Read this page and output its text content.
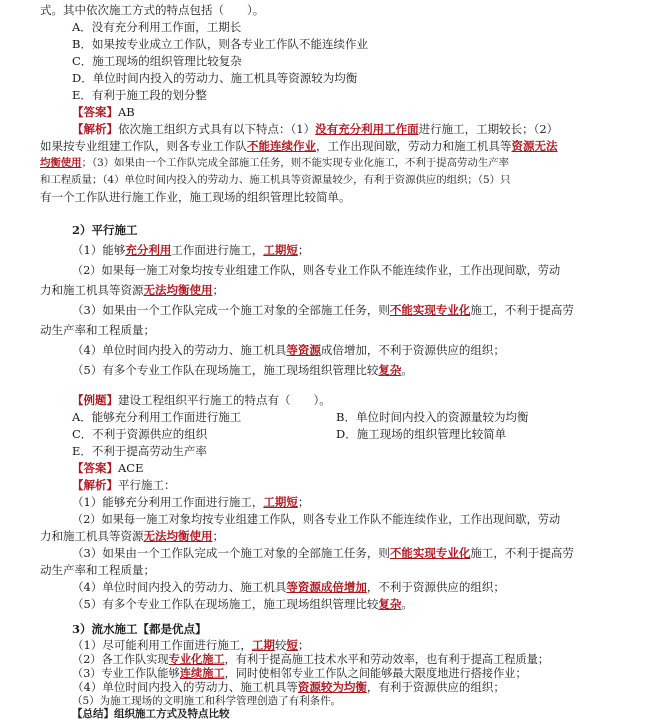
式。其中依次施工方式的特点包括（　　）。
A．没有充分利用工作面，工期长
B．如果按专业成立工作队，则各专业工作队不能连续作业
C．施工现场的组织管理比较复杂
D．单位时间内投入的劳动力、施工机具等资源较为均衡
E．有利于施工段的划分整
【答案】AB
【解析】依次施工组织方式具有以下特点：（1）没有充分利用工作面进行施工，工期较长；（2）
如果按专业组建工作队，则各专业工作队不能连续作业，工作出现间歇，劳动力和施工机具等资源无法
均衡使用；（3）如果由一个工作队完成全部施工任务，则不能实现专业化施工，不利于提高劳动生产率
和工程质量；（4）单位时间内投入的劳动力、施工机具等资源量较少，有利于资源供应的组织；（5）只
有一个工作队进行施工作业，施工现场的组织管理比较简单。
2）平行施工
（1）能够充分利用工作面进行施工，工期短；
（2）如果每一施工对象均按专业组建工作队，则各专业工作队不能连续作业，工作出现间歇，劳动
力和施工机具等资源无法均衡使用；
（3）如果由一个工作队完成一个施工对象的全部施工任务，则不能实现专业化施工，不利于提高劳
动生产率和工程质量；
（4）单位时间内投入的劳动力、施工机具等资源成倍增加，不利于资源供应的组织；
（5）有多个专业工作队在现场施工，施工现场组织管理比较复杂。
【例题】建设工程组织平行施工的特点有（　　）。
A．能够充分利用工作面进行施工	B．单位时间内投入的资源量较为均衡
C．不利于资源供应的组织	D．施工现场的组织管理比较简单
E．不利于提高劳动生产率
【答案】ACE
【解析】平行施工：
（1）能够充分利用工作面进行施工，工期短；
（2）如果每一施工对象均按专业组建工作队，则各专业工作队不能连续作业，工作出现间歇，劳动
力和施工机具等资源无法均衡使用；
（3）如果由一个工作队完成一个施工对象的全部施工任务，则不能实现专业化施工，不利于提高劳
动生产率和工程质量；
（4）单位时间内投入的劳动力、施工机具等资源成倍增加，不利于资源供应的组织；
（5）有多个专业工作队在现场施工，施工现场组织管理比较复杂。
3）流水施工【都是优点】
（1）尽可能利用工作面进行施工，工期较短；
（2）各工作队实现专业化施工，有利于提高施工技术水平和劳动效率，也有利于提高工程质量；
（3）专业工作队能够连续施工，同时使相邻专业工作队之间能够最大限度地进行搭接作业；
（4）单位时间内投入的劳动力、施工机具等资源较为均衡，有利于资源供应的组织；
（5）为施工现场的文明施工和科学管理创造了有利条件。
【总结】组织施工方式及特点比较
